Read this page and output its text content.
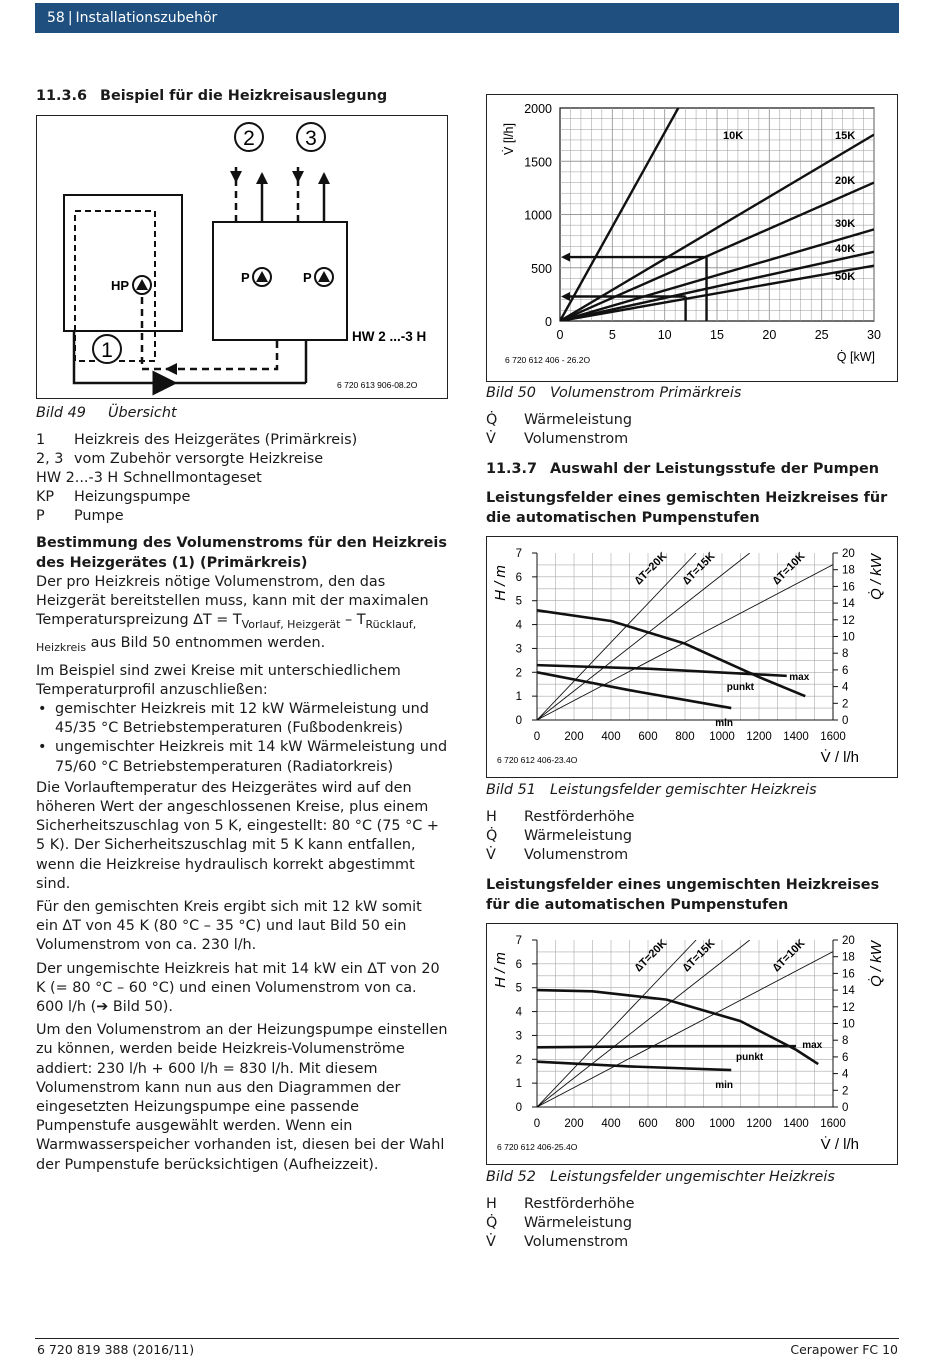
58 | Installationszubehör
11.3.6 Beispiel für die Heizkreisauslegung
2 3
1
HP
P	P
HW 2 ...-3 H
6 720 613 906-08.2O
Bild 49 Übersicht
1	Heizkreis des Heizgerätes (Primärkreis)
2, 3 vom Zubehör versorgte Heizkreise
HW 2...-3 H Schnellmontageset
KP	Heizungspumpe
P	Pumpe
Bestimmung des Volumenstroms für den Heizkreis des Heizgerätes (1) (Primärkreis)

Der pro Heizkreis nötige Volumenstrom, den das Heizgerät bereitstellen muss, kann mit der maximalen Temperaturspreizung $\Delta T = T_{Vorlauf, Heizgerät} - T_{Rücklauf, Heizkreis}$ aus Bild 50 entnommen werden.

Im Beispiel sind zwei Kreise mit unterschiedlichem Temperaturprofil anzuschließen:

• gemischter Heizkreis mit 12 kW Wärmeleistung und 45/35 °C Betriebstemperaturen (Fußbodenkreis)
• ungemischter Heizkreis mit 14 kW Wärmeleistung und 75/60 °C Betriebstemperaturen (Radiatorkreis)

Die Vorlauftemperatur des Heizgerätes wird auf den höheren Wert der angeschlossenen Kreise, plus einem Sicherheitszuschlag von 5 K, eingestellt: 80 °C (75 °C + 5 K). Der Sicherheitszuschlag mit 5 K kann entfallen, wenn die Heizkreise hydraulisch korrekt abgestimmt sind.

Für den gemischten Kreis ergibt sich mit 12 kW somit ein ∆T von 45 K (80 °C – 35 °C) und laut Bild 50 ein Volumenstrom von ca. 230 l/h.

Der ungemischte Heizkreis hat mit 14 kW ein ∆T von 20 K (= 80 °C – 60 °C) und einen Volumenstrom von ca. 600 l/h (➔ Bild 50).

Um den Volumenstrom an der Heizungspumpe einstellen zu können, werden beide Heizkreis-Volumenströme addiert: 230 l/h + 600 l/h = 830 l/h. Mit diesem Volumenstrom kann nun aus den Diagrammen der eingesetzten Heizungspumpe eine passende Pumpenstufe ausgewählt werden. Wenn ein Warmwasserspeicher vorhanden ist, diesen bei der Wahl der Pumpenstufe berücksichtigen (Aufheizzeit).

0	5	10	15	20	25	30
0
500
1000
1500
2000
10K	15K
20K
30K
40K
50K
V̇ [l/h]
Q̇ [kW]
6 720 612 406 - 26.2O
Bild 50 Volumenstrom Primärkreis
Q̇	Wärmeleistung
V̇	Volumenstrom
11.3.7 Auswahl der Leistungsstufe der Pumpen
Leistungsfelder eines gemischten Heizkreises für die automatischen Pumpenstufen
0
1
2
3
4
5
6
7
0
2
4
6
8
10
12
14
16
18
20
0 200 400 600 800 1000 1200 1400 1600
∆T=20K ∆T=15K	∆T=10K
max
punkt
min
H / m	Q̇ / kW
V̇ / l/h
6 720 612 406-23.4O
Bild 51 Leistungsfelder gemischter Heizkreis
H	Restförderhöhe
Q̇	Wärmeleistung
V̇	Volumenstrom
Leistungsfelder eines ungemischten Heizkreises für die automatischen Pumpenstufen
0
1
2
3
4
5
6
7
0
2
4
6
8
10
12
14
16
18
20
0 200 400 600 800 1000 1200 1400 1600
∆T=20K ∆T=15K	∆T=10K
max
punkt
min
H / m	Q̇ / kW
V̇ / l/h
6 720 612 406-25.4O
Bild 52 Leistungsfelder ungemischter Heizkreis
H	Restförderhöhe
Q̇	Wärmeleistung
V̇	Volumenstrom
6 720 819 388 (2016/11)	Cerapower FC 10
